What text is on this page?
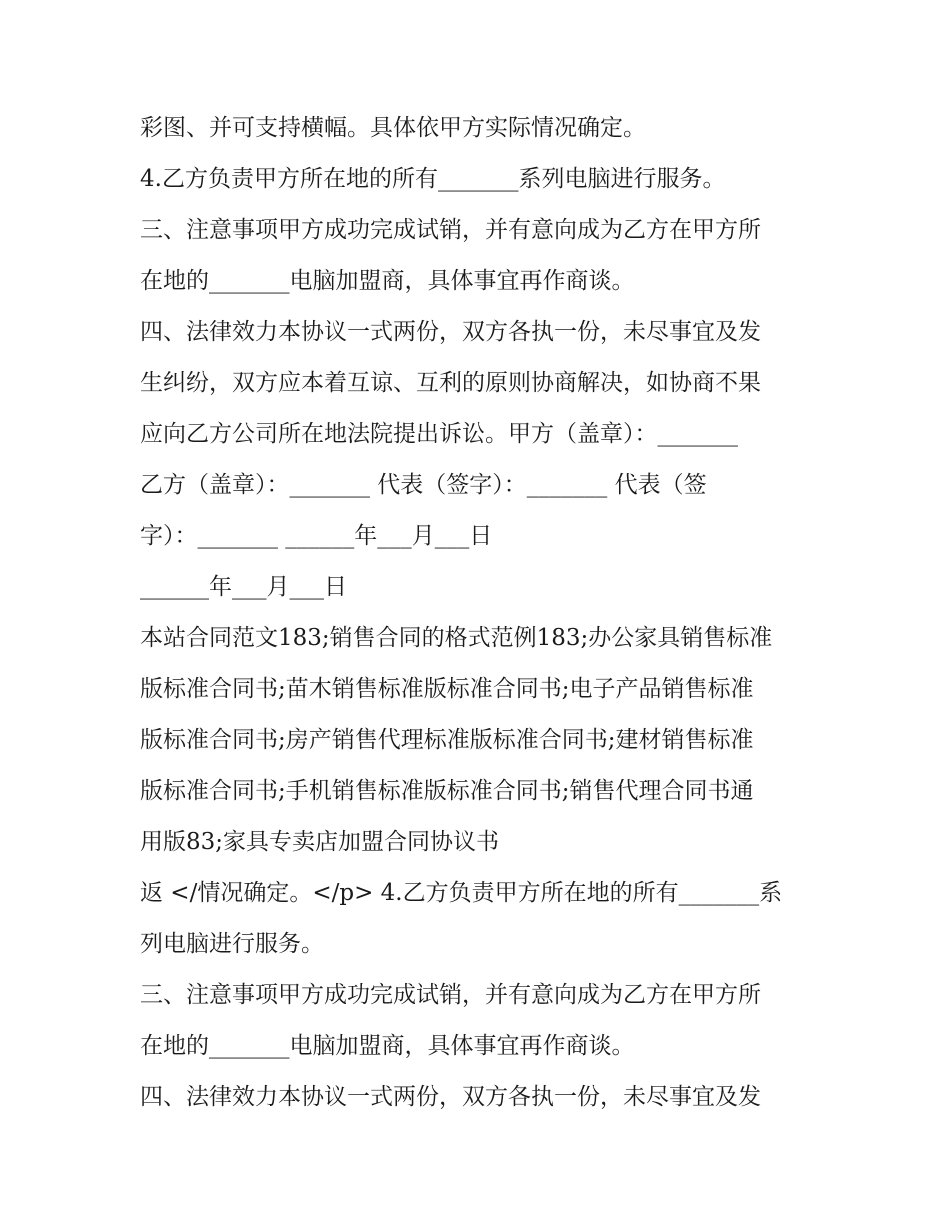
彩图、并可支持横幅。具体依甲方实际情况确定。

4.乙方负责甲方所在地的所有_______系列电脑进行服务。

三、注意事项甲方成功完成试销，并有意向成为乙方在甲方所

在地的_______电脑加盟商，具体事宜再作商谈。

四、法律效力本协议一式两份，双方各执一份，未尽事宜及发

生纠纷，双方应本着互谅、互利的原则协商解决，如协商不果

应向乙方公司所在地法院提出诉讼。甲方（盖章）：_______

乙方（盖章）：_______ 代表（签字）：_______ 代表（签

字）：_______ ______年___月___日

______年___月___日

本站合同范文183;销售合同的格式范例183;办公家具销售标准

版标准合同书;苗木销售标准版标准合同书;电子产品销售标准

版标准合同书;房产销售代理标准版标准合同书;建材销售标准

版标准合同书;手机销售标准版标准合同书;销售代理合同书通

用版83;家具专卖店加盟合同协议书

返 </情况确定。</p> 4.乙方负责甲方所在地的所有_______系

列电脑进行服务。

三、注意事项甲方成功完成试销，并有意向成为乙方在甲方所

在地的_______电脑加盟商，具体事宜再作商谈。

四、法律效力本协议一式两份，双方各执一份，未尽事宜及发
